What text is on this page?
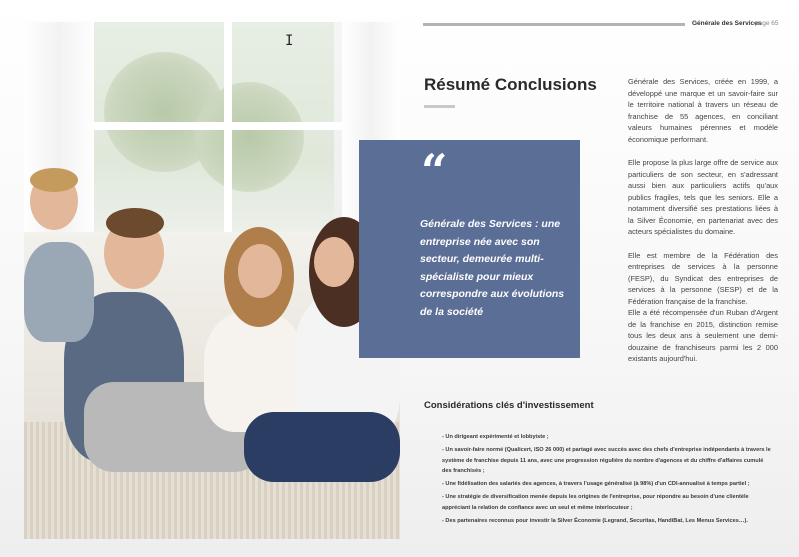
I
“
Générale des Services : une entreprise née avec son secteur, demeurée multi-spécialiste pour mieux correspondre aux évolutions de la société
Générale des Services
page 65
Résumé Conclusions	Générale des Services, créée en 1999, a développé une marque et un savoir-faire sur le territoire national à travers un réseau de franchise de 55 agences, en conciliant valeurs humaines pérennes et modèle économique performant.

Elle propose la plus large offre de service aux particuliers de son secteur, en s'adressant aussi bien aux particuliers actifs qu'aux publics fragiles, tels que les seniors. Elle a notamment diversifié ses prestations liées à la Silver Économie, en partenariat avec des acteurs spécialistes du domaine.

Elle est membre de la Fédération des entreprises de services à la personne (FESP), du Syndicat des entreprises de services à la personne (SESP) et de la Fédération française de la franchise.

Elle a été récompensée d'un Ruban d'Argent de la franchise en 2015, distinction remise tous les deux ans à seulement une demi-douzaine de franchiseurs parmi les 2 000 existants aujourd'hui.

Considérations clés d'investissement
- Un dirigeant expérimenté et lobbyiste ;
- Un savoir-faire normé (Qualicert, ISO 26 000) et partagé avec succès avec des chefs d'entreprise indépendants à travers le système de franchise depuis 11 ans, avec une progression régulière du nombre d'agences et du chiffre d'affaires cumulé des franchisés ;
- Une fidélisation des salariés des agences, à travers l'usage généralisé (à 98%) d'un CDI-annualisé à temps partiel ;
- Une stratégie de diversification menée depuis les origines de l'entreprise, pour répondre au besoin d'une clientèle appréciant la relation de confiance avec un seul et même interlocuteur ;
- Des partenaires reconnus pour investir la Silver Économie (Legrand, Securitas, HandiBat, Les Menus Services…).
